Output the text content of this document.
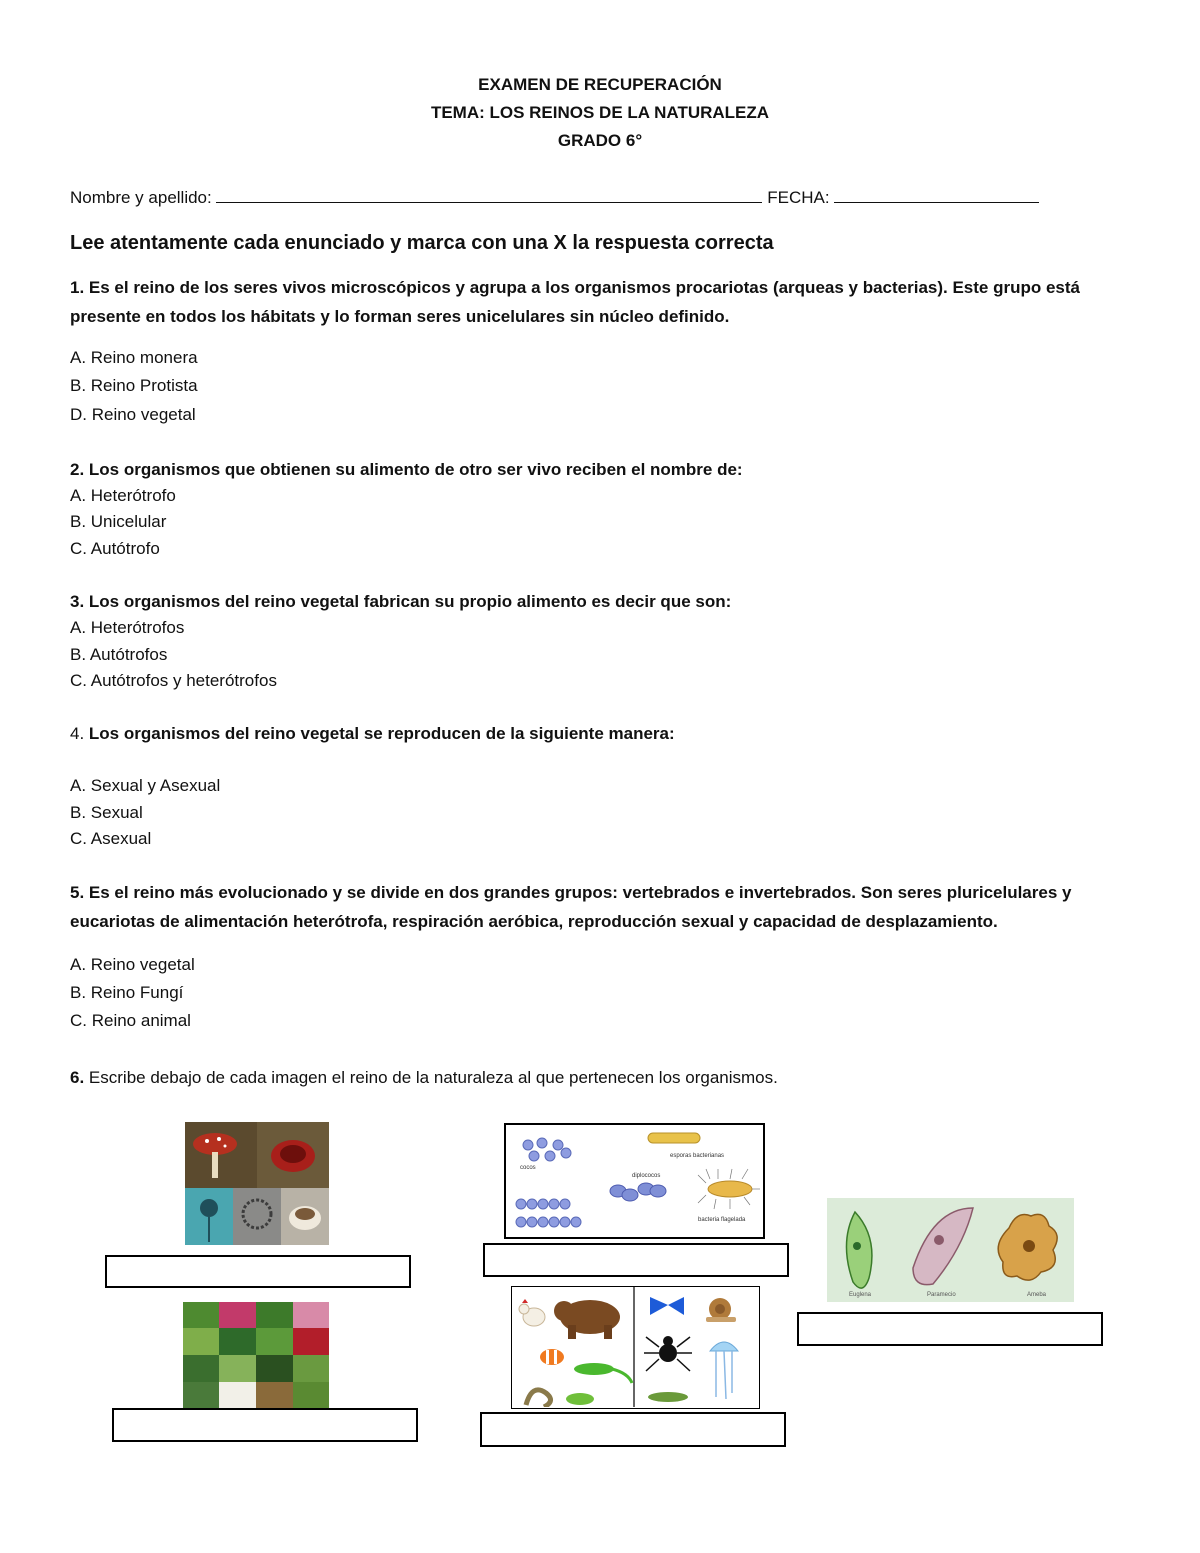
EXAMEN DE RECUPERACIÓN
TEMA: LOS REINOS DE LA NATURALEZA
GRADO 6°
Nombre y apellido:	FECHA:
Lee atentamente cada enunciado y marca con una X la respuesta correcta
1. Es el reino de los seres vivos microscópicos y agrupa a los organismos procariotas (arqueas y bacterias). Este grupo está presente en todos los hábitats y lo forman seres unicelulares sin núcleo definido.
A. Reino monera
B. Reino Protista
D. Reino vegetal
2. Los organismos que obtienen su alimento de otro ser vivo reciben el nombre de:
A. Heterótrofo
B. Unicelular
C. Autótrofo
3. Los organismos del reino vegetal fabrican su propio alimento es decir que son:
A. Heterótrofos
B. Autótrofos
C. Autótrofos y heterótrofos
4. Los organismos del reino vegetal se reproducen de la siguiente manera:
A. Sexual y Asexual
B. Sexual
C. Asexual
5. Es el reino más evolucionado y se divide en dos grandes grupos: vertebrados e invertebrados. Son seres pluricelulares y eucariotas de alimentación heterótrofa, respiración aeróbica, reproducción sexual y capacidad de desplazamiento.
A. Reino vegetal
B. Reino Fungí
C. Reino animal
6. Escribe debajo de cada imagen el reino de la naturaleza al que pertenecen los organismos.
cocos
esporas bacterianas
diplococos
bacteria flagelada
Euglena	Paramecio	Ameba
